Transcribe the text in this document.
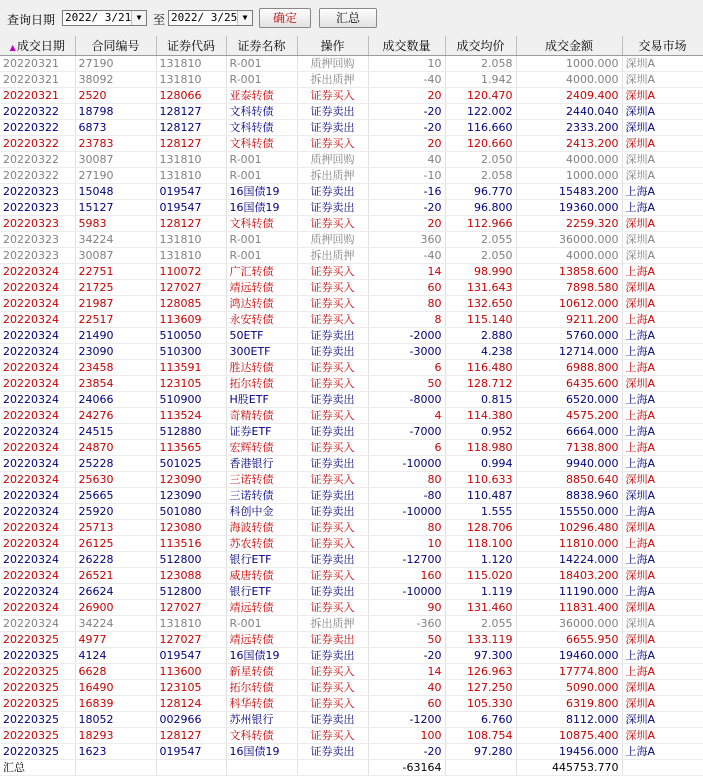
查询日期 2022/ 3/21 ▼ 至 2022/ 3/25 ▼	确定	汇总
▲成交日期	合同编号	证券代码	证券名称	操作	成交数量	成交均价	成交金额	交易市场
20220321	27190	131810	R-001	质押回购	10	2.058	1000.000	深圳A
20220321	38092	131810	R-001	拆出质押	-40	1.942	4000.000	深圳A
20220321	2520	128066	亚泰转债	证券买入	20	120.470	2409.400	深圳A
20220322	18798	128127	文科转债	证券卖出	-20	122.002	2440.040	深圳A
20220322	6873	128127	文科转债	证券卖出	-20	116.660	2333.200	深圳A
20220322	23783	128127	文科转债	证券买入	20	120.660	2413.200	深圳A
20220322	30087	131810	R-001	质押回购	40	2.050	4000.000	深圳A
20220322	27190	131810	R-001	拆出质押	-10	2.058	1000.000	深圳A
20220323	15048	019547	16国债19	证券卖出	-16	96.770	15483.200	上海A
20220323	15127	019547	16国债19	证券卖出	-20	96.800	19360.000	上海A
20220323	5983	128127	文科转债	证券买入	20	112.966	2259.320	深圳A
20220323	34224	131810	R-001	质押回购	360	2.055	36000.000	深圳A
20220323	30087	131810	R-001	拆出质押	-40	2.050	4000.000	深圳A
20220324	22751	110072	广汇转债	证券买入	14	98.990	13858.600	上海A
20220324	21725	127027	靖远转债	证券买入	60	131.643	7898.580	深圳A
20220324	21987	128085	鸿达转债	证券买入	80	132.650	10612.000	深圳A
20220324	22517	113609	永安转债	证券买入	8	115.140	9211.200	上海A
20220324	21490	510050	50ETF	证券卖出	-2000	2.880	5760.000	上海A
20220324	23090	510300	300ETF	证券卖出	-3000	4.238	12714.000	上海A
20220324	23458	113591	胜达转债	证券买入	6	116.480	6988.800	上海A
20220324	23854	123105	拓尔转债	证券买入	50	128.712	6435.600	深圳A
20220324	24066	510900	H股ETF	证券卖出	-8000	0.815	6520.000	上海A
20220324	24276	113524	奇精转债	证券买入	4	114.380	4575.200	上海A
20220324	24515	512880	证券ETF	证券卖出	-7000	0.952	6664.000	上海A
20220324	24870	113565	宏辉转债	证券买入	6	118.980	7138.800	上海A
20220324	25228	501025	香港银行	证券卖出	-10000	0.994	9940.000	上海A
20220324	25630	123090	三诺转债	证券买入	80	110.633	8850.640	深圳A
20220324	25665	123090	三诺转债	证券卖出	-80	110.487	8838.960	深圳A
20220324	25920	501080	科创中金	证券卖出	-10000	1.555	15550.000	上海A
20220324	25713	123080	海波转债	证券买入	80	128.706	10296.480	深圳A
20220324	26125	113516	苏农转债	证券买入	10	118.100	11810.000	上海A
20220324	26228	512800	银行ETF	证券卖出	-12700	1.120	14224.000	上海A
20220324	26521	123088	威唐转债	证券买入	160	115.020	18403.200	深圳A
20220324	26624	512800	银行ETF	证券卖出	-10000	1.119	11190.000	上海A
20220324	26900	127027	靖远转债	证券买入	90	131.460	11831.400	深圳A
20220324	34224	131810	R-001	拆出质押	-360	2.055	36000.000	深圳A
20220325	4977	127027	靖远转债	证券卖出	50	133.119	6655.950	深圳A
20220325	4124	019547	16国债19	证券卖出	-20	97.300	19460.000	上海A
20220325	6628	113600	新星转债	证券买入	14	126.963	17774.800	上海A
20220325	16490	123105	拓尔转债	证券买入	40	127.250	5090.000	深圳A
20220325	16839	128124	科华转债	证券买入	60	105.330	6319.800	深圳A
20220325	18052	002966	苏州银行	证券卖出	-1200	6.760	8112.000	深圳A
20220325	18293	128127	文科转债	证券买入	100	108.754	10875.400	深圳A
20220325	1623	019547	16国债19	证券卖出	-20	97.280	19456.000	上海A
汇总					-63164		445753.770	
